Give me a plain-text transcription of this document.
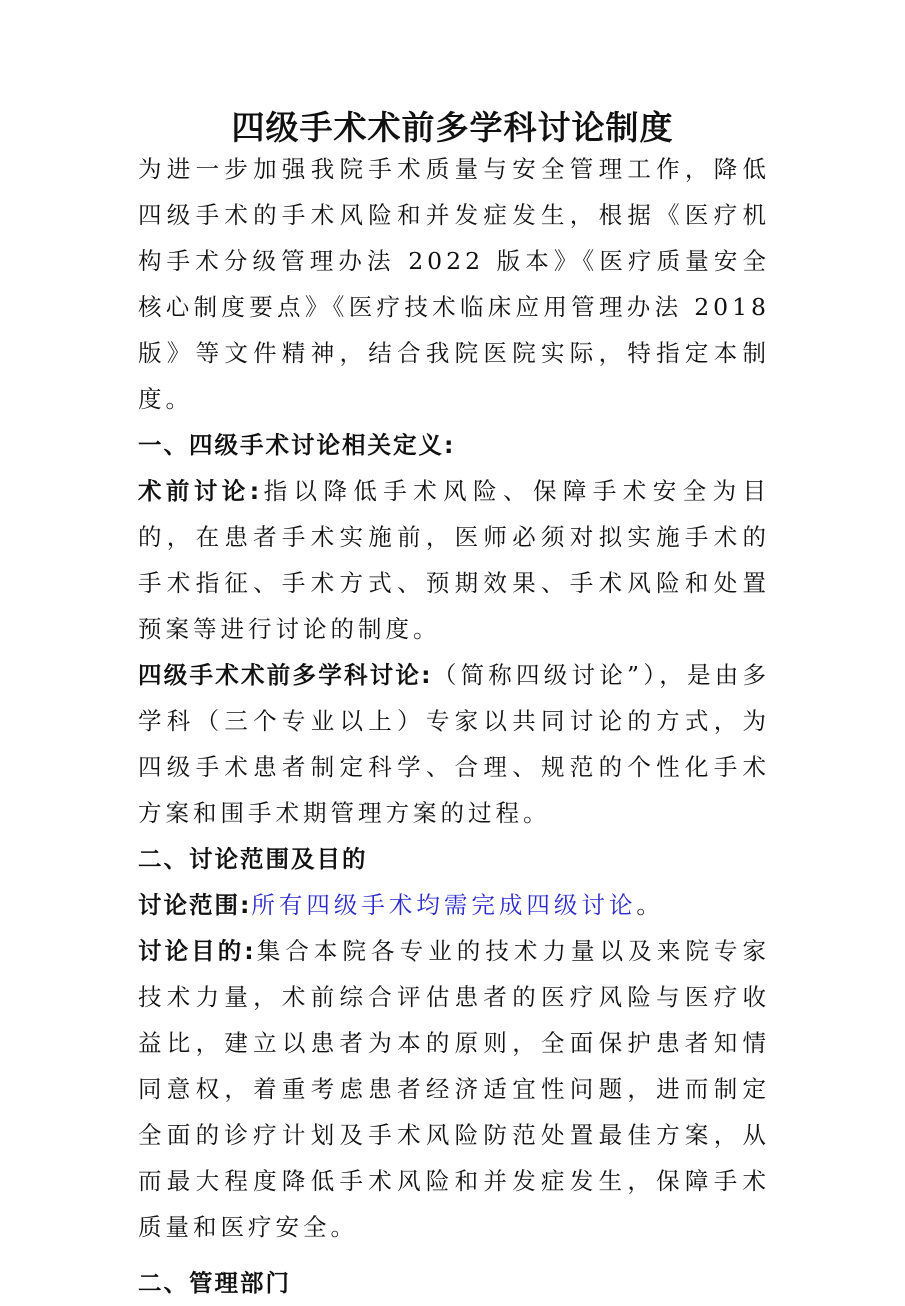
四级手术术前多学科讨论制度

为进一步加强我院手术质量与安全管理工作，降低四级手术的手术风险和并发症发生，根据《医疗机构手术分级管理办法 2022 版本》《医疗质量安全核心制度要点》《医疗技术临床应用管理办法 2018 版》等文件精神，结合我院医院实际，特指定本制度。

一、四级手术讨论相关定义:

术前讨论:指以降低手术风险、保障手术安全为目的，在患者手术实施前，医师必须对拟实施手术的手术指征、手术方式、预期效果、手术风险和处置预案等进行讨论的制度。

四级手术术前多学科讨论:（简称四级讨论”），是由多学科（三个专业以上）专家以共同讨论的方式，为四级手术患者制定科学、合理、规范的个性化手术方案和围手术期管理方案的过程。

二、讨论范围及目的

讨论范围:所有四级手术均需完成四级讨论。

讨论目的:集合本院各专业的技术力量以及来院专家技术力量，术前综合评估患者的医疗风险与医疗收益比，建立以患者为本的原则，全面保护患者知情同意权，着重考虑患者经济适宜性问题，进而制定全面的诊疗计划及手术风险防范处置最佳方案，从而最大程度降低手术风险和并发症发生，保障手术质量和医疗安全。

二、管理部门
